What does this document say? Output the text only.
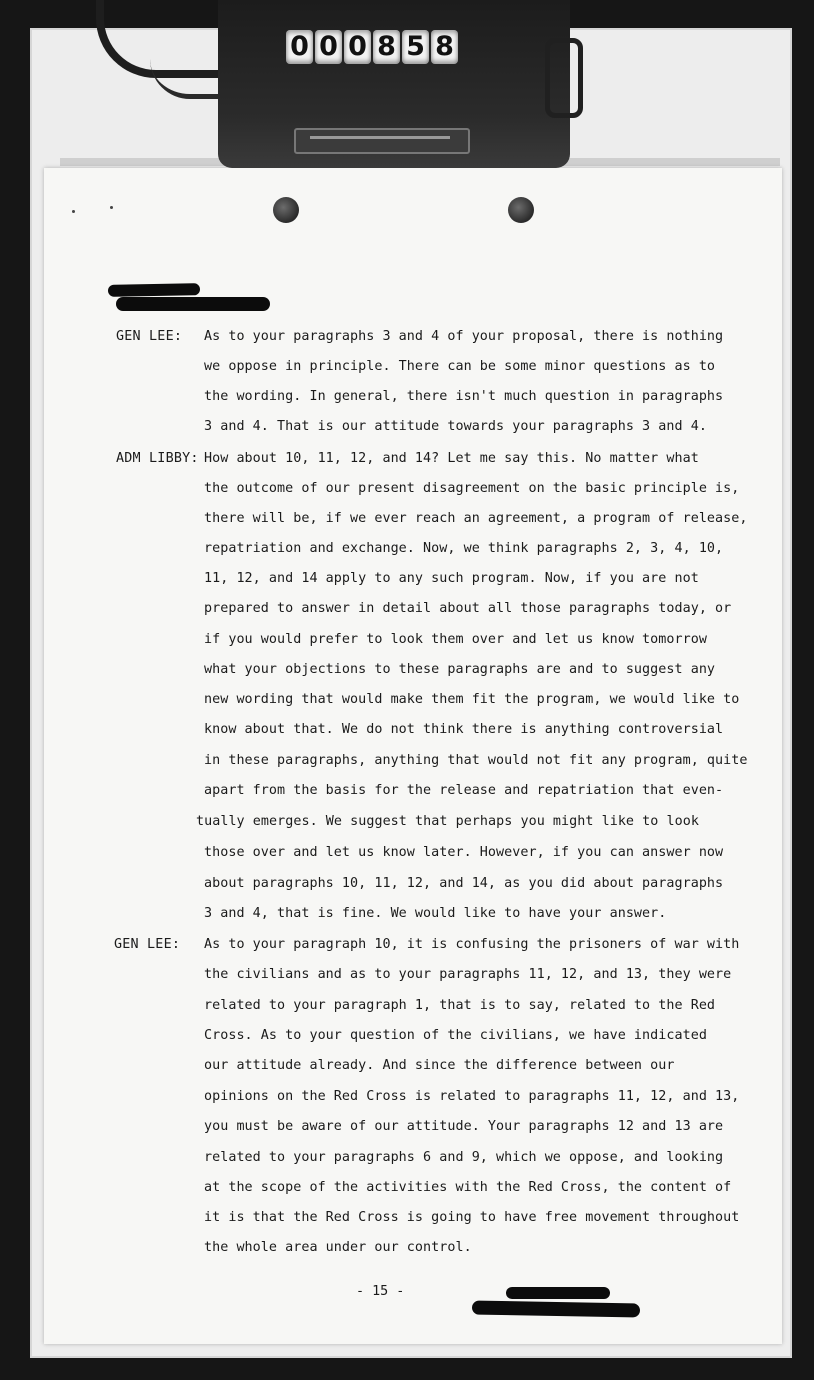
0 0 0 8 5 8
GEN LEE: As to your paragraphs 3 and 4 of your proposal, there is nothing
we oppose in principle. There can be some minor questions as to
the wording. In general, there isn't much question in paragraphs
3 and 4. That is our attitude towards your paragraphs 3 and 4.
ADM LIBBY: How about 10, 11, 12, and 14? Let me say this. No matter what
the outcome of our present disagreement on the basic principle is,
there will be, if we ever reach an agreement, a program of release,
repatriation and exchange. Now, we think paragraphs 2, 3, 4, 10,
11, 12, and 14 apply to any such program. Now, if you are not
prepared to answer in detail about all those paragraphs today, or
if you would prefer to look them over and let us know tomorrow
what your objections to these paragraphs are and to suggest any
new wording that would make them fit the program, we would like to
know about that. We do not think there is anything controversial
in these paragraphs, anything that would not fit any program, quite
apart from the basis for the release and repatriation that even-
tually emerges. We suggest that perhaps you might like to look
those over and let us know later. However, if you can answer now
about paragraphs 10, 11, 12, and 14, as you did about paragraphs
3 and 4, that is fine. We would like to have your answer.
GEN LEE: As to your paragraph 10, it is confusing the prisoners of war with
the civilians and as to your paragraphs 11, 12, and 13, they were
related to your paragraph 1, that is to say, related to the Red
Cross. As to your question of the civilians, we have indicated
our attitude already. And since the difference between our
opinions on the Red Cross is related to paragraphs 11, 12, and 13,
you must be aware of our attitude. Your paragraphs 12 and 13 are
related to your paragraphs 6 and 9, which we oppose, and looking
at the scope of the activities with the Red Cross, the content of
it is that the Red Cross is going to have free movement throughout
the whole area under our control.
- 15 -
